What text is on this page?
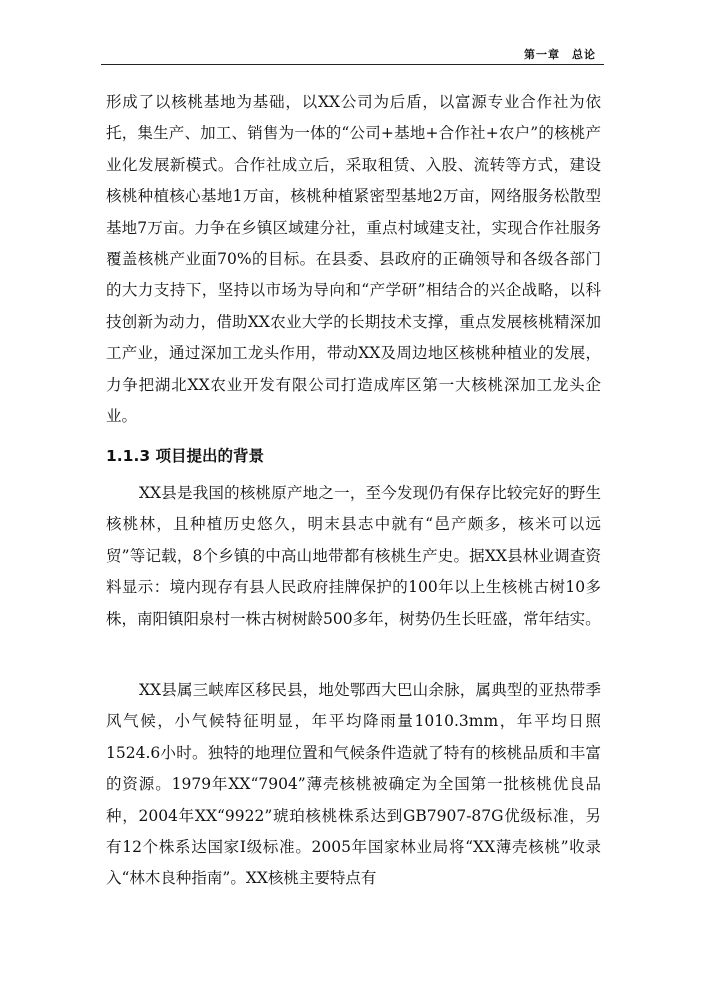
第一章　总论

形成了以核桃基地为基础，以XX公司为后盾，以富源专业合作社为依托，集生产、加工、销售为一体的“公司+基地+合作社+农户”的核桃产业化发展新模式。合作社成立后，采取租赁、入股、流转等方式，建设核桃种植核心基地1万亩，核桃种植紧密型基地2万亩，网络服务松散型基地7万亩。力争在乡镇区域建分社，重点村域建支社，实现合作社服务覆盖核桃产业面70%的目标。在县委、县政府的正确领导和各级各部门的大力支持下，坚持以市场为导向和“产学研”相结合的兴企战略，以科技创新为动力，借助XX农业大学的长期技术支撑，重点发展核桃精深加工产业，通过深加工龙头作用，带动XX及周边地区核桃种植业的发展，力争把湖北XX农业开发有限公司打造成库区第一大核桃深加工龙头企业。

1.1.3 项目提出的背景

XX县是我国的核桃原产地之一，至今发现仍有保存比较完好的野生核桃林，且种植历史悠久，明末县志中就有“邑产颇多，核米可以远贸”等记载，8个乡镇的中高山地带都有核桃生产史。据XX县林业调查资料显示：境内现存有县人民政府挂牌保护的100年以上生核桃古树10多株，南阳镇阳泉村一株古树树龄500多年，树势仍生长旺盛，常年结实。

XX县属三峡库区移民县，地处鄂西大巴山余脉，属典型的亚热带季风气候，小气候特征明显，年平均降雨量1010.3mm，年平均日照1524.6小时。独特的地理位置和气候条件造就了特有的核桃品质和丰富的资源。1979年XX“7904”薄壳核桃被确定为全国第一批核桃优良品种，2004年XX“9922”琥珀核桃株系达到GB7907-87G优级标准，另有12个株系达国家Ⅰ级标准。2005年国家林业局将“XX薄壳核桃”收录入“林木良种指南”。XX核桃主要特点有
